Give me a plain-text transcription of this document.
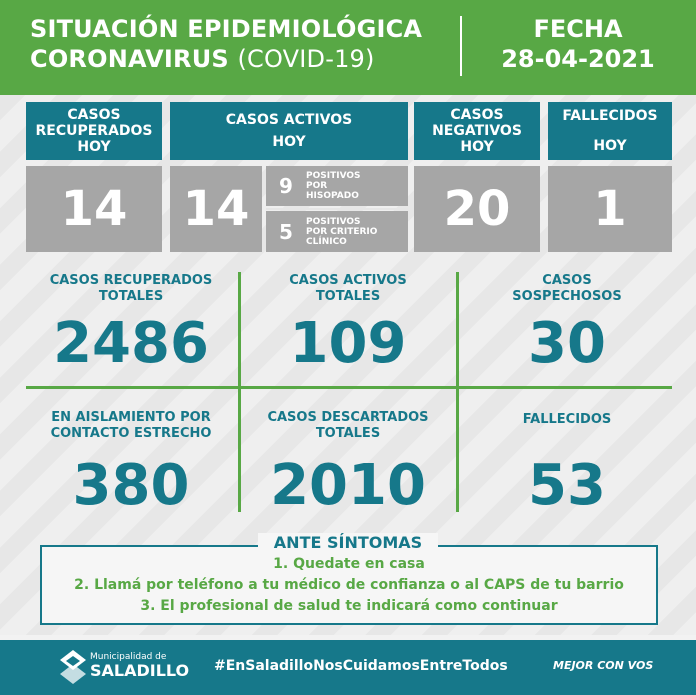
SITUACIÓN EPIDEMIOLÓGICA
CORONAVIRUS (COVID-19)
FECHA
28-04-2021
CASOS
RECUPERADOS
HOY
14
CASOS ACTIVOS
HOY
14	9	POSITIVOS
POR
HISOPADO
5	POSITIVOS
POR CRITERIO
CLÍNICO
CASOS
NEGATIVOS
HOY
20
FALLECIDOS
HOY
1
CASOS RECUPERADOS
TOTALES
2486
CASOS ACTIVOS
TOTALES
109
CASOS
SOSPECHOSOS
30
EN AISLAMIENTO POR
CONTACTO ESTRECHO
380
CASOS DESCARTADOS
TOTALES
2010
FALLECIDOS
53
ANTE SÍNTOMAS
1. Quedate en casa
2. Llamá por teléfono a tu médico de confianza o al CAPS de tu barrio
3. El profesional de salud te indicará como continuar
Municipalidad de
SALADILLO #EnSaladilloNosCuidamosEntreTodos	MEJOR CON VOS
